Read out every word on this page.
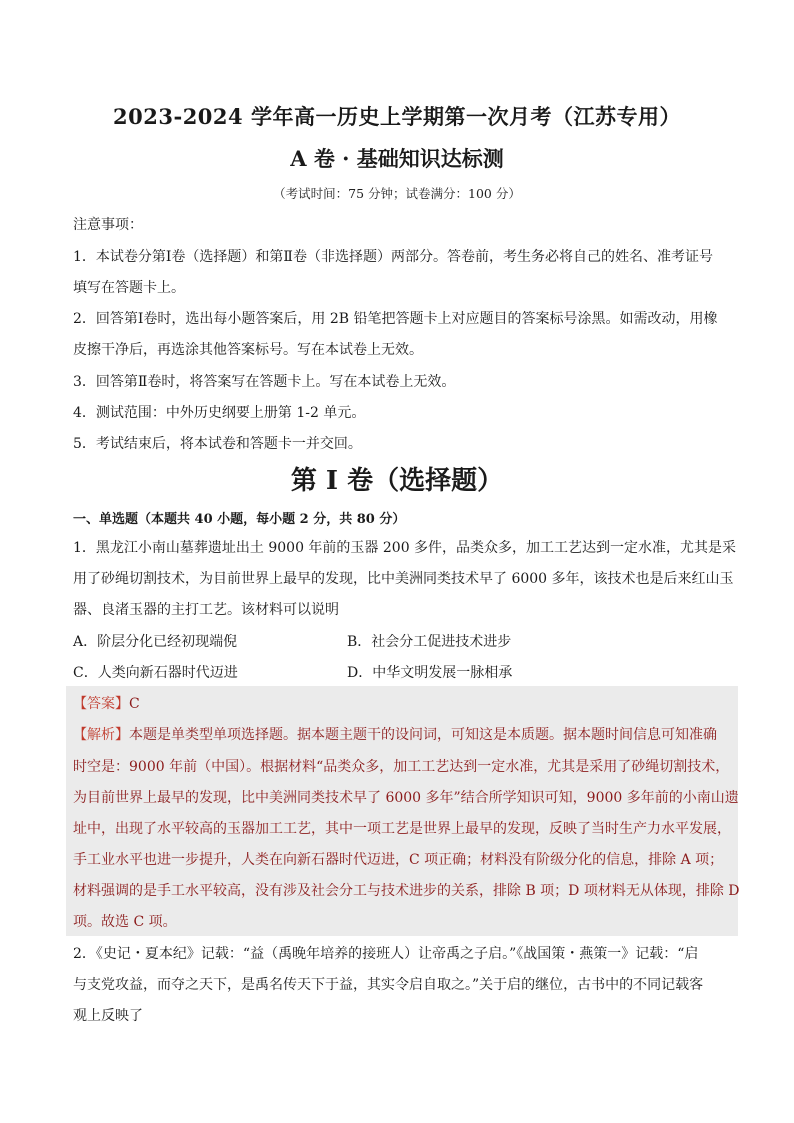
2023-2024 学年高一历史上学期第一次月考（江苏专用）
A 卷 · 基础知识达标测
（考试时间：75 分钟；试卷满分：100 分）
注意事项：
1．本试卷分第Ⅰ卷（选择题）和第Ⅱ卷（非选择题）两部分。答卷前，考生务必将自己的姓名、准考证号
填写在答题卡上。
2．回答第Ⅰ卷时，选出每小题答案后，用 2B 铅笔把答题卡上对应题目的答案标号涂黑。如需改动，用橡
皮擦干净后，再选涂其他答案标号。写在本试卷上无效。
3．回答第Ⅱ卷时，将答案写在答题卡上。写在本试卷上无效。
4．测试范围：中外历史纲要上册第 1-2 单元。
5．考试结束后，将本试卷和答题卡一并交回。
第 I 卷（选择题）
一、单选题（本题共 40 小题，每小题 2 分，共 80 分）
1．黑龙江小南山墓葬遗址出土 9000 年前的玉器 200 多件，品类众多，加工工艺达到一定水准，尤其是采
用了砂绳切割技术，为目前世界上最早的发现，比中美洲同类技术早了 6000 多年，该技术也是后来红山玉
器、良渚玉器的主打工艺。该材料可以说明
A．阶层分化已经初现端倪	B．社会分工促进技术进步
C．人类向新石器时代迈进	D．中华文明发展一脉相承
【答案】C
【解析】本题是单类型单项选择题。据本题主题干的设问词，可知这是本质题。据本题时间信息可知准确
时空是：9000 年前（中国）。根据材料“品类众多，加工工艺达到一定水准，尤其是采用了砂绳切割技术，
为目前世界上最早的发现，比中美洲同类技术早了 6000 多年”结合所学知识可知，9000 多年前的小南山遗
址中，出现了水平较高的玉器加工工艺，其中一项工艺是世界上最早的发现，反映了当时生产力水平发展，
手工业水平也进一步提升，人类在向新石器时代迈进，C 项正确；材料没有阶级分化的信息，排除 A 项；
材料强调的是手工水平较高，没有涉及社会分工与技术进步的关系，排除 B 项；D 项材料无从体现，排除 D
项。故选 C 项。
2．《史记・夏本纪》记载：“益（禹晚年培养的接班人）让帝禹之子启。”《战国策・燕策一》记载：“启
与支党攻益，而夺之天下，是禹名传天下于益，其实令启自取之。”关于启的继位，古书中的不同记载客
观上反映了
